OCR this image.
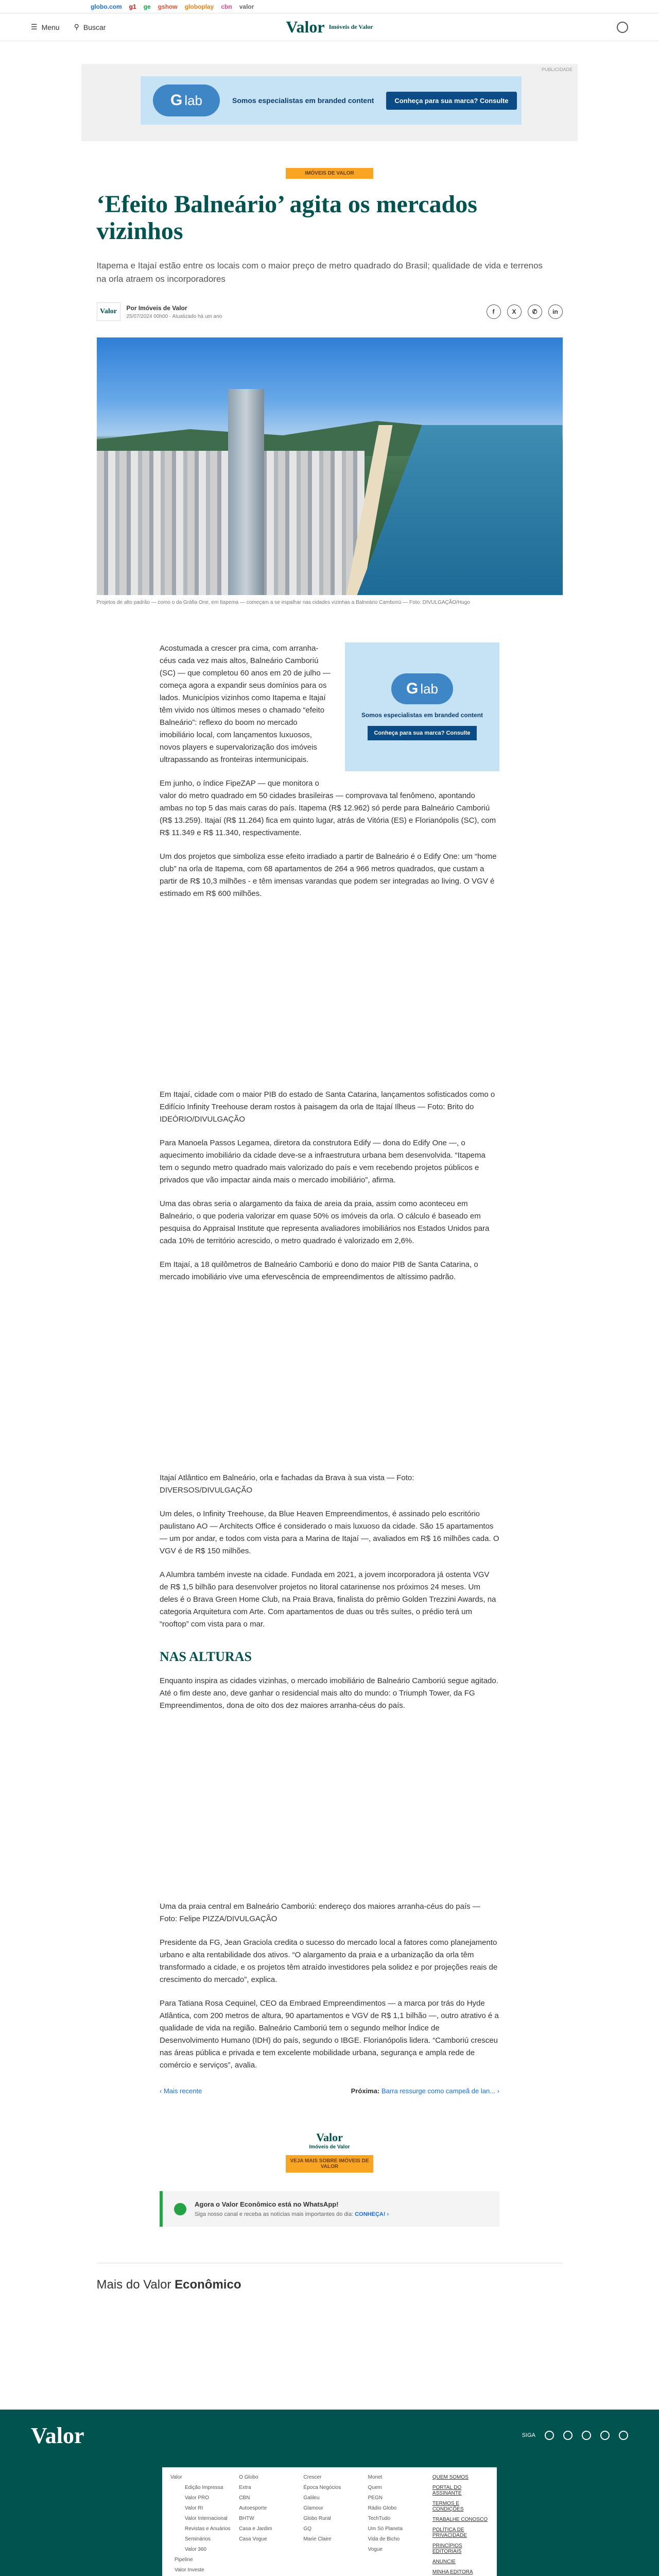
globo.com g1 ge gshow globoplay cbn valor
☰ Menu ⚲ Buscar	Valor Imóveis de Valor
PUBLICIDADE
G lab	Somos especialistas em branded content	Conheça para sua marca? Consulte
IMÓVEIS DE VALOR
‘Efeito Balneário’ agita os mercados vizinhos

Itapema e Itajaí estão entre os locais com o maior preço de metro quadrado do Brasil; qualidade de vida e terrenos na orla atraem os incorporadores

Valor	Por Imóveis de Valor
25/07/2024 00h00 · Atualizado há um ano
f	X	✆	in

Projetos de alto padrão — como o da Gráfia One, em Itapema — começam a se espalhar nas cidades vizinhas a Balneário Camboriú — Foto: DIVULGAÇÃO/Hugo

G lab
Somos especialistas em branded content
Conheça para sua marca? Consulte

Acostumada a crescer pra cima, com arranha-céus cada vez mais altos, Balneário Camboriú (SC) — que completou 60 anos em 20 de julho — começa agora a expandir seus domínios para os lados. Municípios vizinhos como Itapema e Itajaí têm vivido nos últimos meses o chamado “efeito Balneário”: reflexo do boom no mercado imobiliário local, com lançamentos luxuosos, novos players e supervalorização dos imóveis ultrapassando as fronteiras intermunicipais.

Em junho, o índice FipeZAP — que monitora o valor do metro quadrado em 50 cidades brasileiras — comprovava tal fenômeno, apontando ambas no top 5 das mais caras do país. Itapema (R$ 12.962) só perde para Balneário Camboriú (R$ 13.259). Itajaí (R$ 11.264) fica em quinto lugar, atrás de Vitória (ES) e Florianópolis (SC), com R$ 11.349 e R$ 11.340, respectivamente.

Um dos projetos que simboliza esse efeito irradiado a partir de Balneário é o Edify One: um “home club” na orla de Itapema, com 68 apartamentos de 264 a 966 metros quadrados, que custam a partir de R$ 10,3 milhões - e têm imensas varandas que podem ser integradas ao living. O VGV é estimado em R$ 600 milhões.

Em Itajaí, cidade com o maior PIB do estado de Santa Catarina, lançamentos sofisticados como o Edifício Infinity Treehouse deram rostos à paisagem da orla de Itajaí Ilheus — Foto: Brito do IDEÓRIO/DIVULGAÇÃO

Para Manoela Passos Legamea, diretora da construtora Edify — dona do Edify One —, o aquecimento imobiliário da cidade deve-se a infraestrutura urbana bem desenvolvida. “Itapema tem o segundo metro quadrado mais valorizado do país e vem recebendo projetos públicos e privados que vão impactar ainda mais o mercado imobiliário”, afirma.

Uma das obras seria o alargamento da faixa de areia da praia, assim como aconteceu em Balneário, o que poderia valorizar em quase 50% os imóveis da orla. O cálculo é baseado em pesquisa do Appraisal Institute que representa avaliadores imobiliários nos Estados Unidos para cada 10% de território acrescido, o metro quadrado é valorizado em 2,6%.

Em Itajaí, a 18 quilômetros de Balneário Camboriú e dono do maior PIB de Santa Catarina, o mercado imobiliário vive uma efervescência de empreendimentos de altíssimo padrão.

Itajaí Atlântico em Balneário, orla e fachadas da Brava à sua vista — Foto: DIVERSOS/DIVULGAÇÃO

Um deles, o Infinity Treehouse, da Blue Heaven Empreendimentos, é assinado pelo escritório paulistano AO — Architects Office é considerado o mais luxuoso da cidade. São 15 apartamentos — um por andar, e todos com vista para a Marina de Itajaí —, avaliados em R$ 16 milhões cada. O VGV é de R$ 150 milhões.

A Alumbra também investe na cidade. Fundada em 2021, a jovem incorporadora já ostenta VGV de R$ 1,5 bilhão para desenvolver projetos no litoral catarinense nos próximos 24 meses. Um deles é o Brava Green Home Club, na Praia Brava, finalista do prêmio Golden Trezzini Awards, na categoria Arquitetura com Arte. Com apartamentos de duas ou três suítes, o prédio terá um “rooftop” com vista para o mar.

NAS ALTURAS

Enquanto inspira as cidades vizinhas, o mercado imobiliário de Balneário Camboriú segue agitado. Até o fim deste ano, deve ganhar o residencial mais alto do mundo: o Triumph Tower, da FG Empreendimentos, dona de oito dos dez maiores arranha-céus do país.

Uma da praia central em Balneário Camboriú: endereço dos maiores arranha-céus do país — Foto: Felipe PIZZA/DIVULGAÇÃO

Presidente da FG, Jean Graciola credita o sucesso do mercado local a fatores como planejamento urbano e alta rentabilidade dos ativos. “O alargamento da praia e a urbanização da orla têm transformado a cidade, e os projetos têm atraído investidores pela solidez e por projeções reais de crescimento do mercado”, explica.

Para Tatiana Rosa Cequinel, CEO da Embraed Empreendimentos — a marca por trás do Hyde Atlântica, com 200 metros de altura, 90 apartamentos e VGV de R$ 1,1 bilhão —, outro atrativo é a qualidade de vida na região. Balneário Camboriú tem o segundo melhor Índice de Desenvolvimento Humano (IDH) do país, segundo o IBGE. Florianópolis lidera. “Camboriú cresceu nas áreas pública e privada e tem excelente mobilidade urbana, segurança e ampla rede de comércio e serviços”, avalia.

‹ Mais recente	Próxima: Barra ressurge como campeã de lan... ›
Valor
Imóveis de Valor
VEJA MAIS SOBRE IMÓVEIS DE VALOR
Agora o Valor Econômico está no WhatsApp!
Siga nosso canal e receba as notícias mais importantes do dia: CONHEÇA! ›
Mais do Valor Econômico
Valor	SIGA
Valor
Edição Impressa
Valor PRO
Valor RI
Valor Internacional
Revistas e Anuários
Seminários
Valor 360
Pipeline
Valor Investe
O Globo
Extra
CBN
Autoesporte
BHTW
Casa e Jardim
Casa Vogue
Crescer
Época Negócios
Galileu
Glamour
Globo Rural
GQ
Marie Claire
Monet
Quem
PEGN
Rádio Globo
TechTudo
Um Só Planeta
Vida de Bicho
Vogue
QUEM SOMOS
PORTAL DO ASSINANTE
TERMOS E CONDIÇÕES
TRABALHE CONOSCO
POLÍTICA DE PRIVACIDADE
PRINCÍPIOS EDITORIAIS
ANUNCIE
MINHA EDITORA
